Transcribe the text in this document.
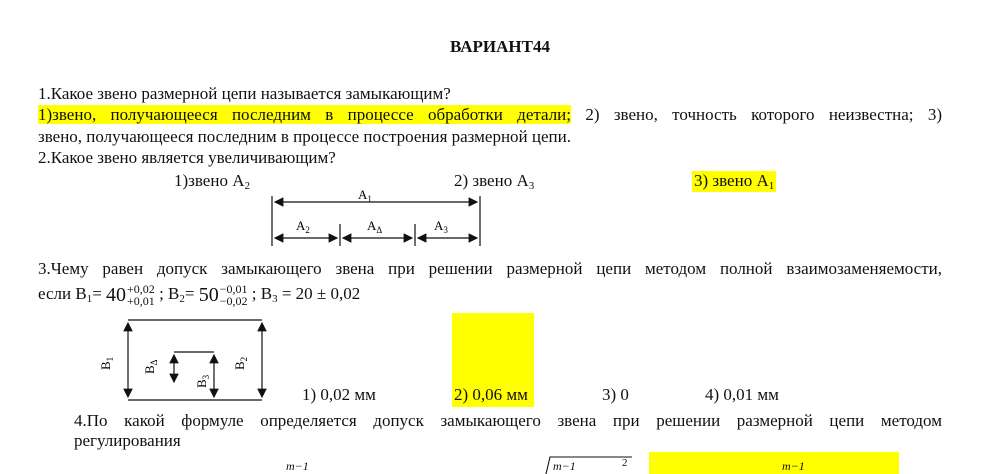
ВАРИАНТ44
1.Какое звено размерной цепи называется замыкающим?
1)звено, получающееся последним в процессе обработки детали; 2) звено, точность которого неизвестна; 3)
звено, получающееся последним в процессе построения размерной цепи.
2.Какое звено является увеличивающим?
1)звено $А_2$	2) звено $А_3$	3) звено $А_1$
$А_1$
$А_2$	$А_\Delta$	$А_3$
3.Чему равен допуск замыкающего звена при решении размерной цепи методом полной взаимозаменяемости,
если $В_1= 40+0,02$
+0,01 ; $В_2= 50-0,01$
−0,02 ; $В_3 = 20 \pm 0,02$
$В_1$
$В_\Delta$
$В_3$
$В_2$
1) 0,02 мм	2) 0,06 мм	3) 0	4) 0,01 мм
4.По какой формуле определяется допуск замыкающего звена при решении размерной цепи методом
регулирования
m−1	m−1	2	m−1
